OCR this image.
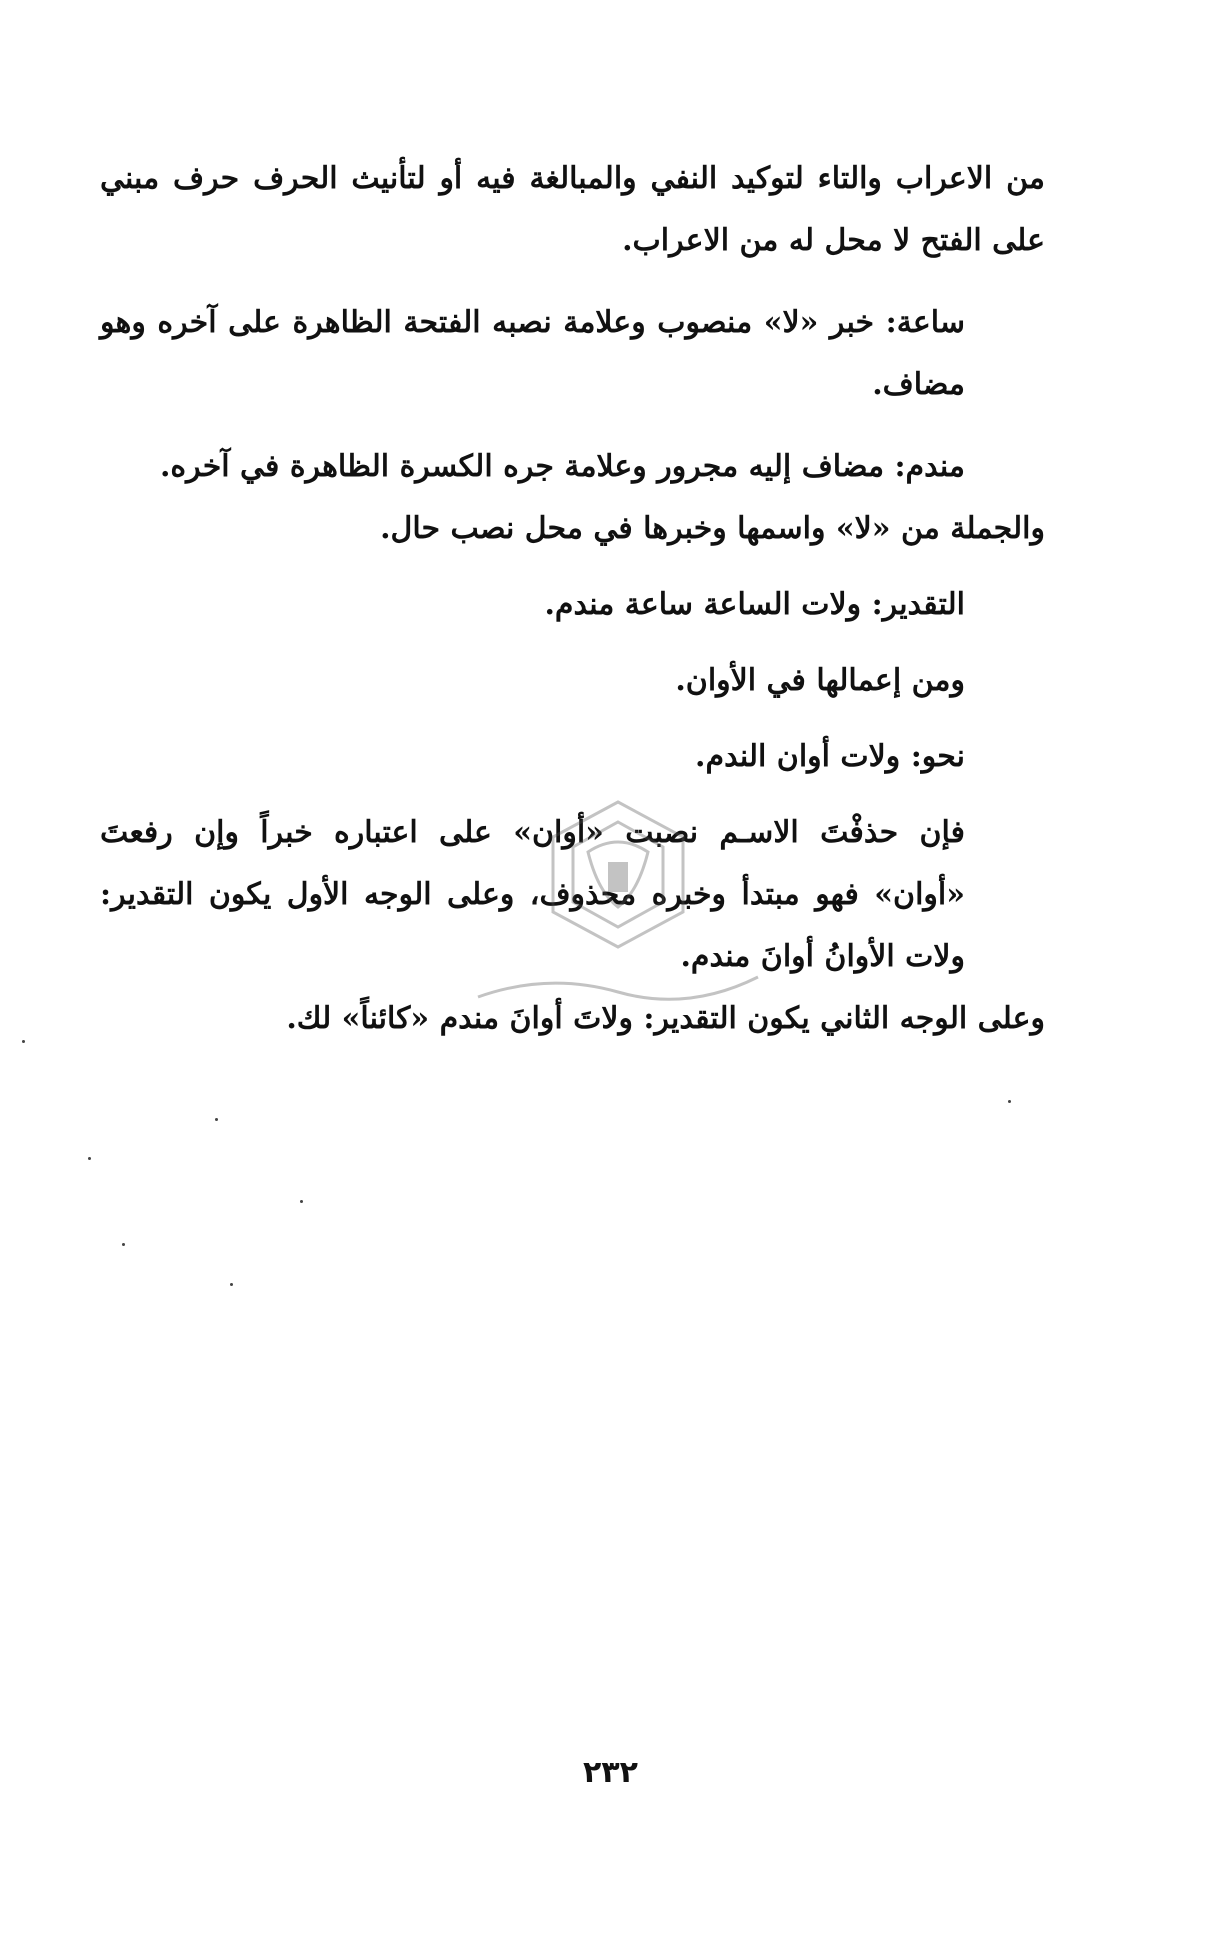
من الاعراب والتاء لتوكيد النفي والمبالغة فيه أو لتأنيث الحرف حرف مبني على الفتح لا محل له من الاعراب.

ساعة: خبر «لا» منصوب وعلامة نصبه الفتحة الظاهرة على آخره وهو مضاف.

مندم: مضاف إليه مجرور وعلامة جره الكسرة الظاهرة في آخره.

والجملة من «لا» واسمها وخبرها في محل نصب حال.

التقدير: ولات الساعة ساعة مندم.

ومن إعمالها في الأوان.

نحو: ولات أوان الندم.

فإن حذفْتَ الاسـم نصبت «أوان» على اعتباره خبراً وإن رفعتَ «أوان» فهو مبتدأ وخبره محذوف، وعلى الوجه الأول يكون التقدير: ولات الأوانُ أوانَ مندم.

وعلى الوجه الثاني يكون التقدير: ولاتَ أوانَ مندم «كائناً» لك.

٢٣٢
